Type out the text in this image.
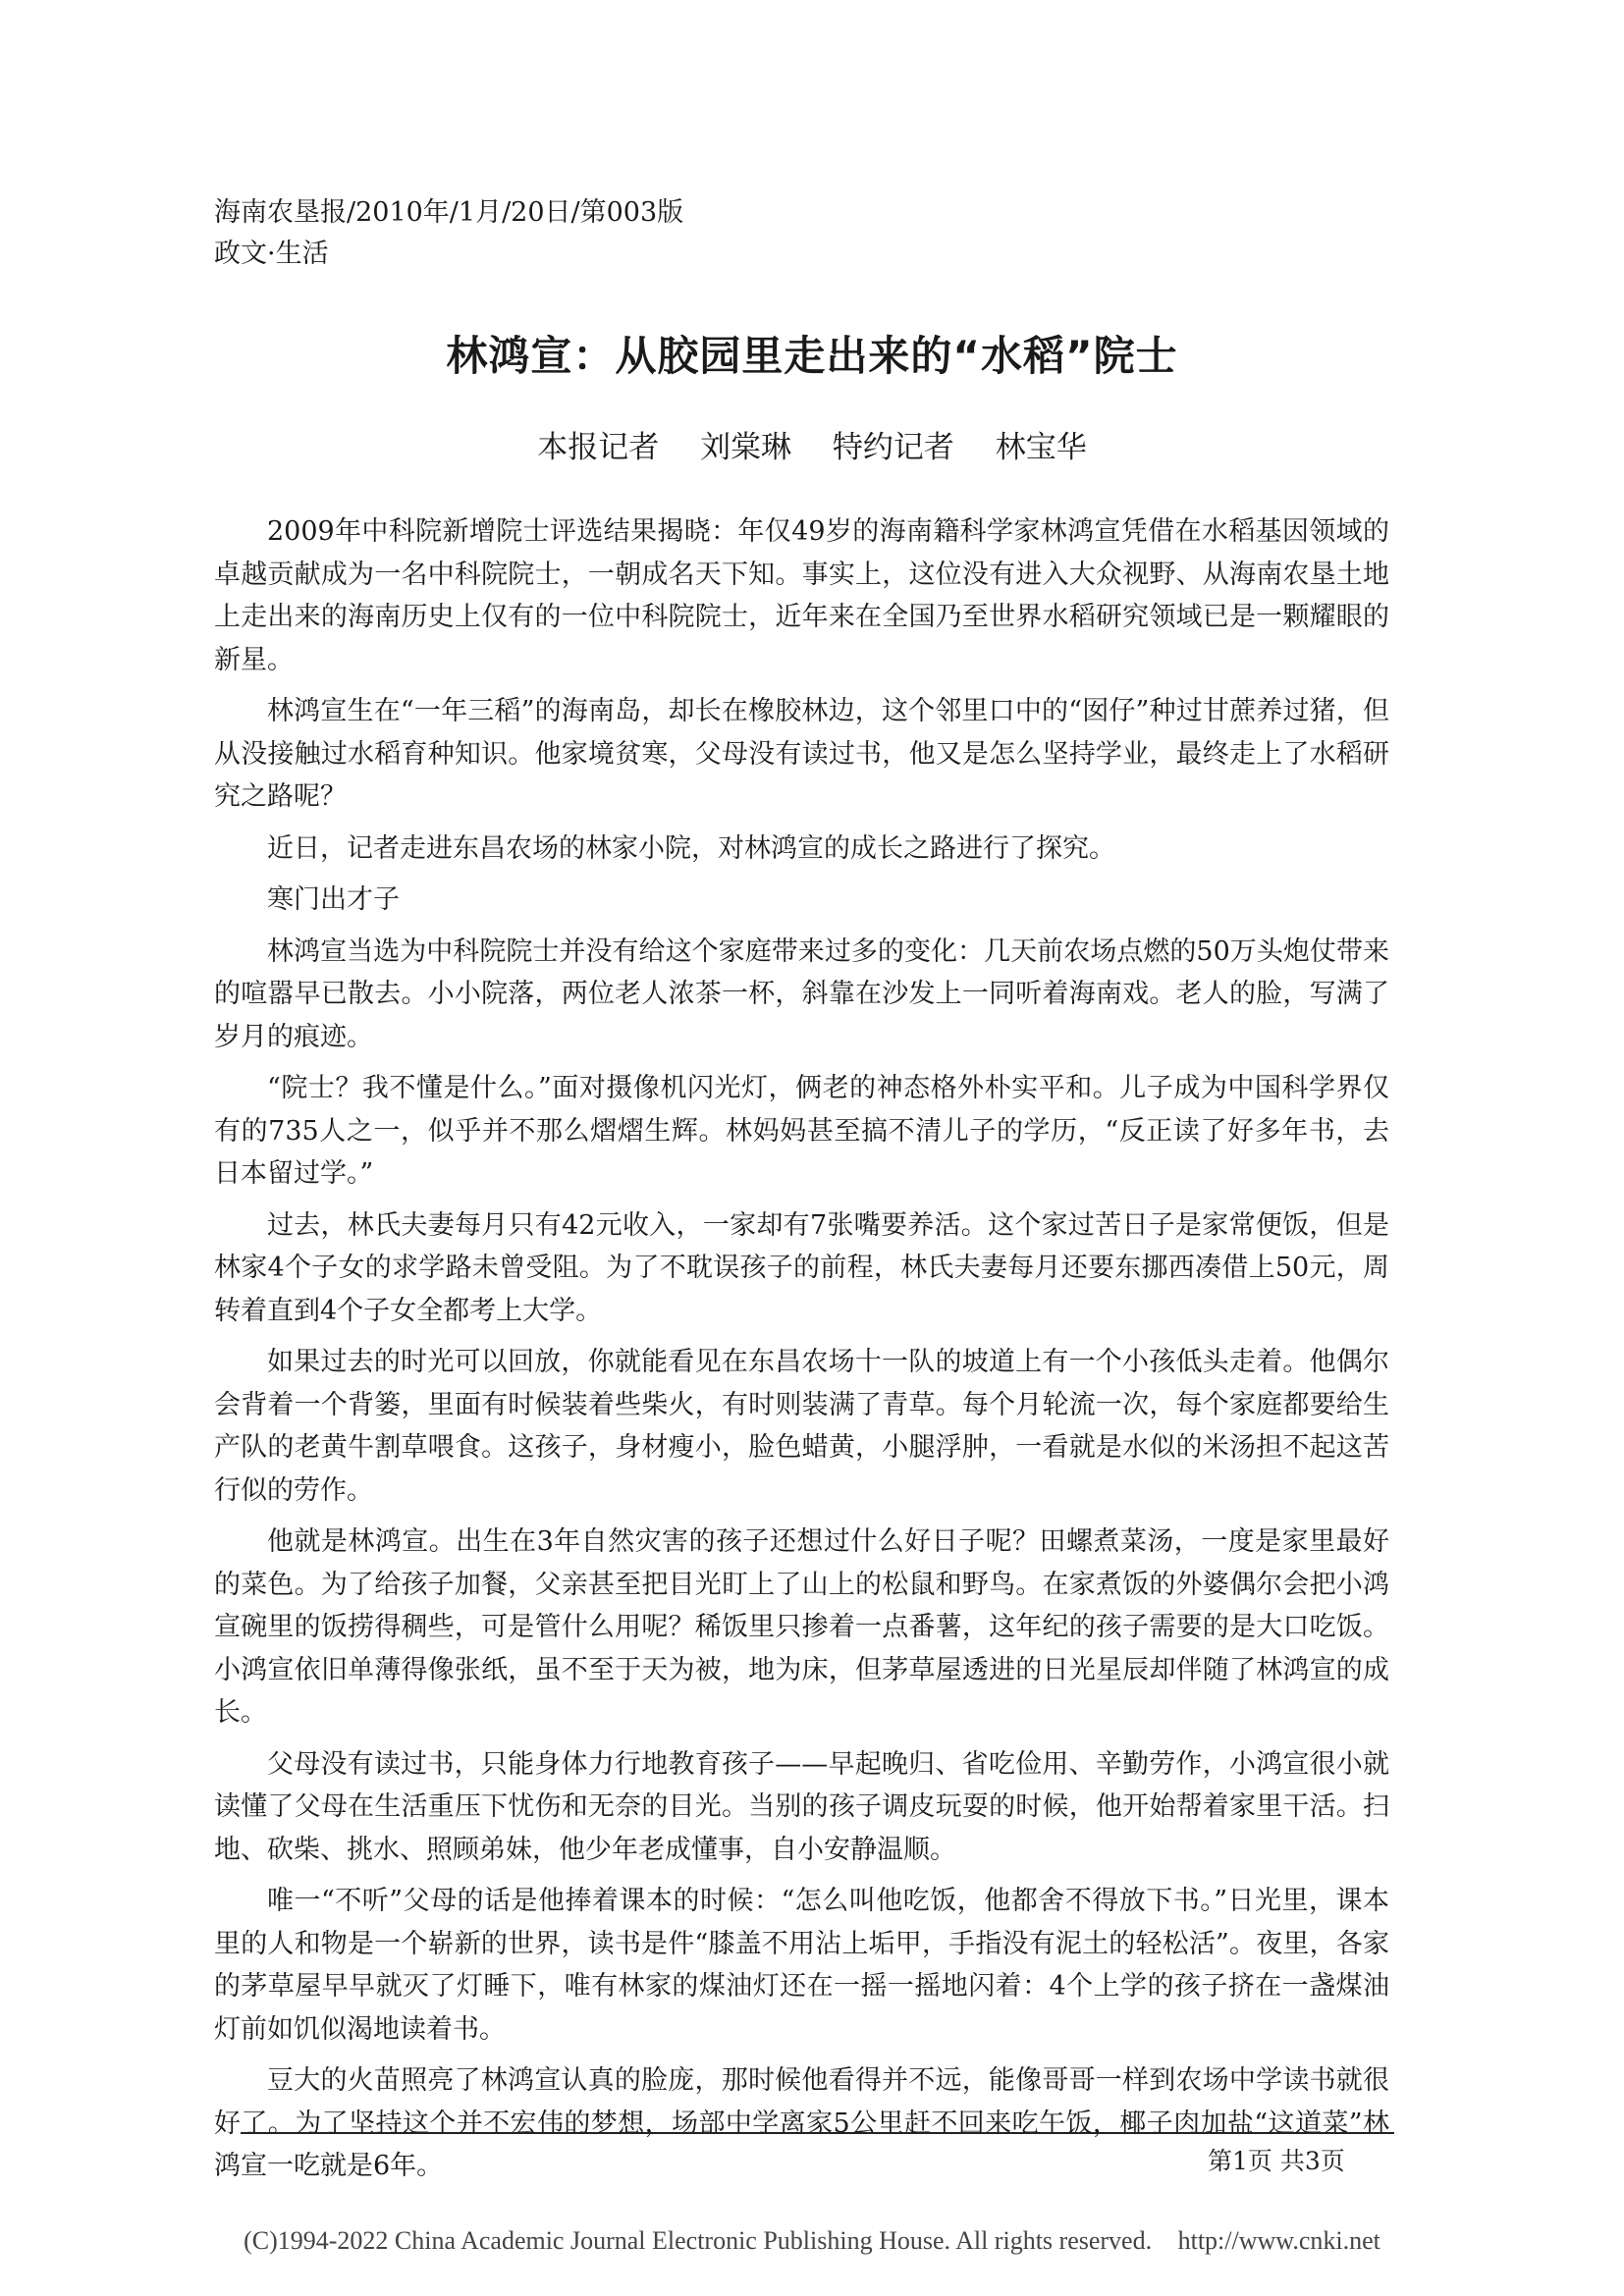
海南农垦报/2010年/1月/20日/第003版
政文·生活
林鸿宣：从胶园里走出来的“水稻”院士
本报记者 刘棠琳 特约记者 林宝华

2009年中科院新增院士评选结果揭晓：年仅49岁的海南籍科学家林鸿宣凭借在水稻基因领域的卓越贡献成为一名中科院院士，一朝成名天下知。事实上，这位没有进入大众视野、从海南农垦土地上走出来的海南历史上仅有的一位中科院院士，近年来在全国乃至世界水稻研究领域已是一颗耀眼的新星。

林鸿宣生在“一年三稻”的海南岛，却长在橡胶林边，这个邻里口中的“囡仔”种过甘蔗养过猪，但从没接触过水稻育种知识。他家境贫寒，父母没有读过书，他又是怎么坚持学业，最终走上了水稻研究之路呢？

近日，记者走进东昌农场的林家小院，对林鸿宣的成长之路进行了探究。

寒门出才子

林鸿宣当选为中科院院士并没有给这个家庭带来过多的变化：几天前农场点燃的50万头炮仗带来的喧嚣早已散去。小小院落，两位老人浓茶一杯，斜靠在沙发上一同听着海南戏。老人的脸，写满了岁月的痕迹。

“院士？我不懂是什么。”面对摄像机闪光灯，俩老的神态格外朴实平和。儿子成为中国科学界仅有的735人之一，似乎并不那么熠熠生辉。林妈妈甚至搞不清儿子的学历，“反正读了好多年书，去日本留过学。”

过去，林氏夫妻每月只有42元收入，一家却有7张嘴要养活。这个家过苦日子是家常便饭，但是林家4个子女的求学路未曾受阻。为了不耽误孩子的前程，林氏夫妻每月还要东挪西凑借上50元，周转着直到4个子女全都考上大学。

如果过去的时光可以回放，你就能看见在东昌农场十一队的坡道上有一个小孩低头走着。他偶尔会背着一个背篓，里面有时候装着些柴火，有时则装满了青草。每个月轮流一次，每个家庭都要给生产队的老黄牛割草喂食。这孩子，身材瘦小，脸色蜡黄，小腿浮肿，一看就是水似的米汤担不起这苦行似的劳作。

他就是林鸿宣。出生在3年自然灾害的孩子还想过什么好日子呢？田螺煮菜汤，一度是家里最好的菜色。为了给孩子加餐，父亲甚至把目光盯上了山上的松鼠和野鸟。在家煮饭的外婆偶尔会把小鸿宣碗里的饭捞得稠些，可是管什么用呢？稀饭里只掺着一点番薯，这年纪的孩子需要的是大口吃饭。小鸿宣依旧单薄得像张纸，虽不至于天为被，地为床，但茅草屋透进的日光星辰却伴随了林鸿宣的成长。

父母没有读过书，只能身体力行地教育孩子——早起晚归、省吃俭用、辛勤劳作，小鸿宣很小就读懂了父母在生活重压下忧伤和无奈的目光。当别的孩子调皮玩耍的时候，他开始帮着家里干活。扫地、砍柴、挑水、照顾弟妹，他少年老成懂事，自小安静温顺。

唯一“不听”父母的话是他捧着课本的时候：“怎么叫他吃饭，他都舍不得放下书。”日光里，课本里的人和物是一个崭新的世界，读书是件“膝盖不用沾上垢甲，手指没有泥土的轻松活”。夜里，各家的茅草屋早早就灭了灯睡下，唯有林家的煤油灯还在一摇一摇地闪着：4个上学的孩子挤在一盏煤油灯前如饥似渴地读着书。

豆大的火苗照亮了林鸿宣认真的脸庞，那时候他看得并不远，能像哥哥一样到农场中学读书就很好了。为了坚持这个并不宏伟的梦想，场部中学离家5公里赶不回来吃午饭，椰子肉加盐“这道菜”林鸿宣一吃就是6年。	第1页 共3页
(C)1994-2022 China Academic Journal Electronic Publishing House. All rights reserved. http://www.cnki.net
